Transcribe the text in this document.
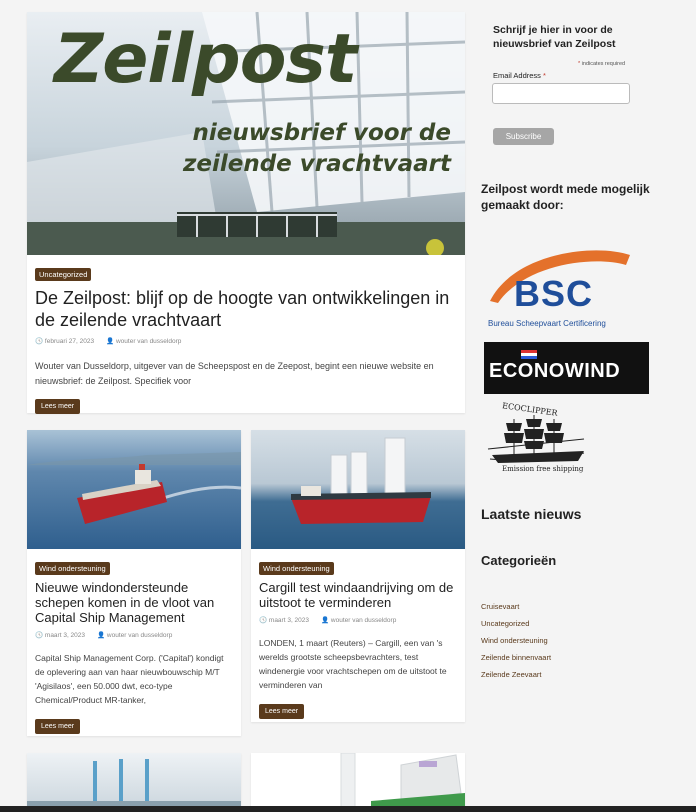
Zeilpost
nieuwsbrief voor de
zeilende vrachtvaart
Uncategorized
De Zeilpost: blijf op de hoogte van ontwikkelingen in de zeilende vrachtvaart
🕓 februari 27, 2023 👤 wouter van dusseldorp
Wouter van Dusseldorp, uitgever van de Scheepspost en de Zeepost, begint een nieuwe website en nieuwsbrief: de Zeilpost. Specifiek voor
Lees meer
Wind ondersteuning
Nieuwe windondersteunde schepen komen in de vloot van Capital Ship Management
🕓 maart 3, 2023 👤 wouter van dusseldorp
Capital Ship Management Corp. ('Capital') kondigt de oplevering aan van haar nieuwbouwschip M/T 'Agisilaos', een 50.000 dwt, eco-type Chemical/Product MR-tanker,
Lees meer
Wind ondersteuning
Cargill test windaandrijving om de uitstoot te verminderen
🕓 maart 3, 2023 👤 wouter van dusseldorp
LONDEN, 1 maart (Reuters) – Cargill, een van 's werelds grootste scheepsbevrachters, test windenergie voor vrachtschepen om de uitstoot te verminderen van
Lees meer
Schrijf je hier in voor de nieuwsbrief van Zeilpost
* indicates required
Email Address *
Subscribe
Zeilpost wordt mede mogelijk gemaakt door:
BSC
Bureau Scheepvaart Certificering
ECONOWIND
ECOCLIPPER
Emission free shipping
Laatste nieuws
Categorieën
Cruisevaart
Uncategorized
Wind ondersteuning
Zeilende binnenvaart
Zeilende Zeevaart
